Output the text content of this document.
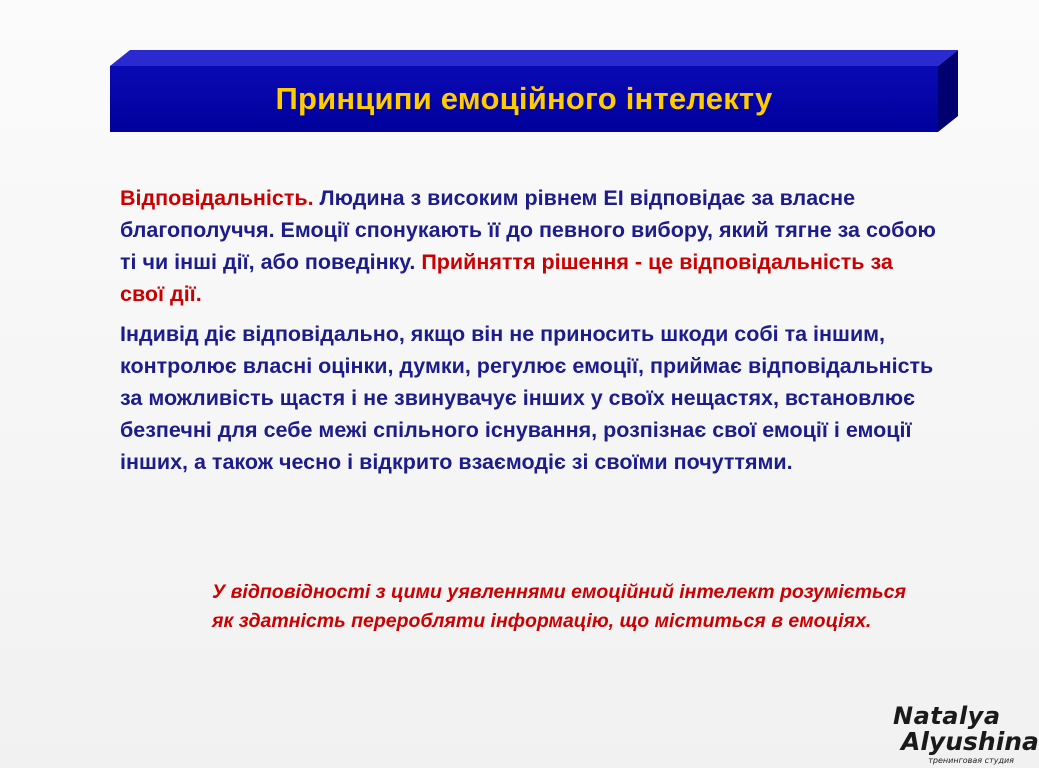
Принципи емоційного інтелекту

Відповідальність. Людина з високим рівнем ЕІ відповідає за власне благополуччя. Емоції спонукають її до певного вибору, який тягне за собою ті чи інші дії, або поведінку. Прийняття рішення - це відповідальність за свої дії.

Індивід діє відповідально, якщо він не приносить шкоди собі та іншим, контролює власні оцінки, думки, регулює емоції, приймає відповідальність за можливість щастя і не звинувачує інших у своїх нещастях, встановлює безпечні для себе межі спільного існування, розпізнає свої емоції і емоції інших, а також чесно і відкрито взаємодіє зі своїми почуттями.

У відповідності з цими уявленнями емоційний інтелект розуміється як здатність переробляти інформацію, що міститься в емоціях.
Natalya
Alyushina
тренинговая студия
